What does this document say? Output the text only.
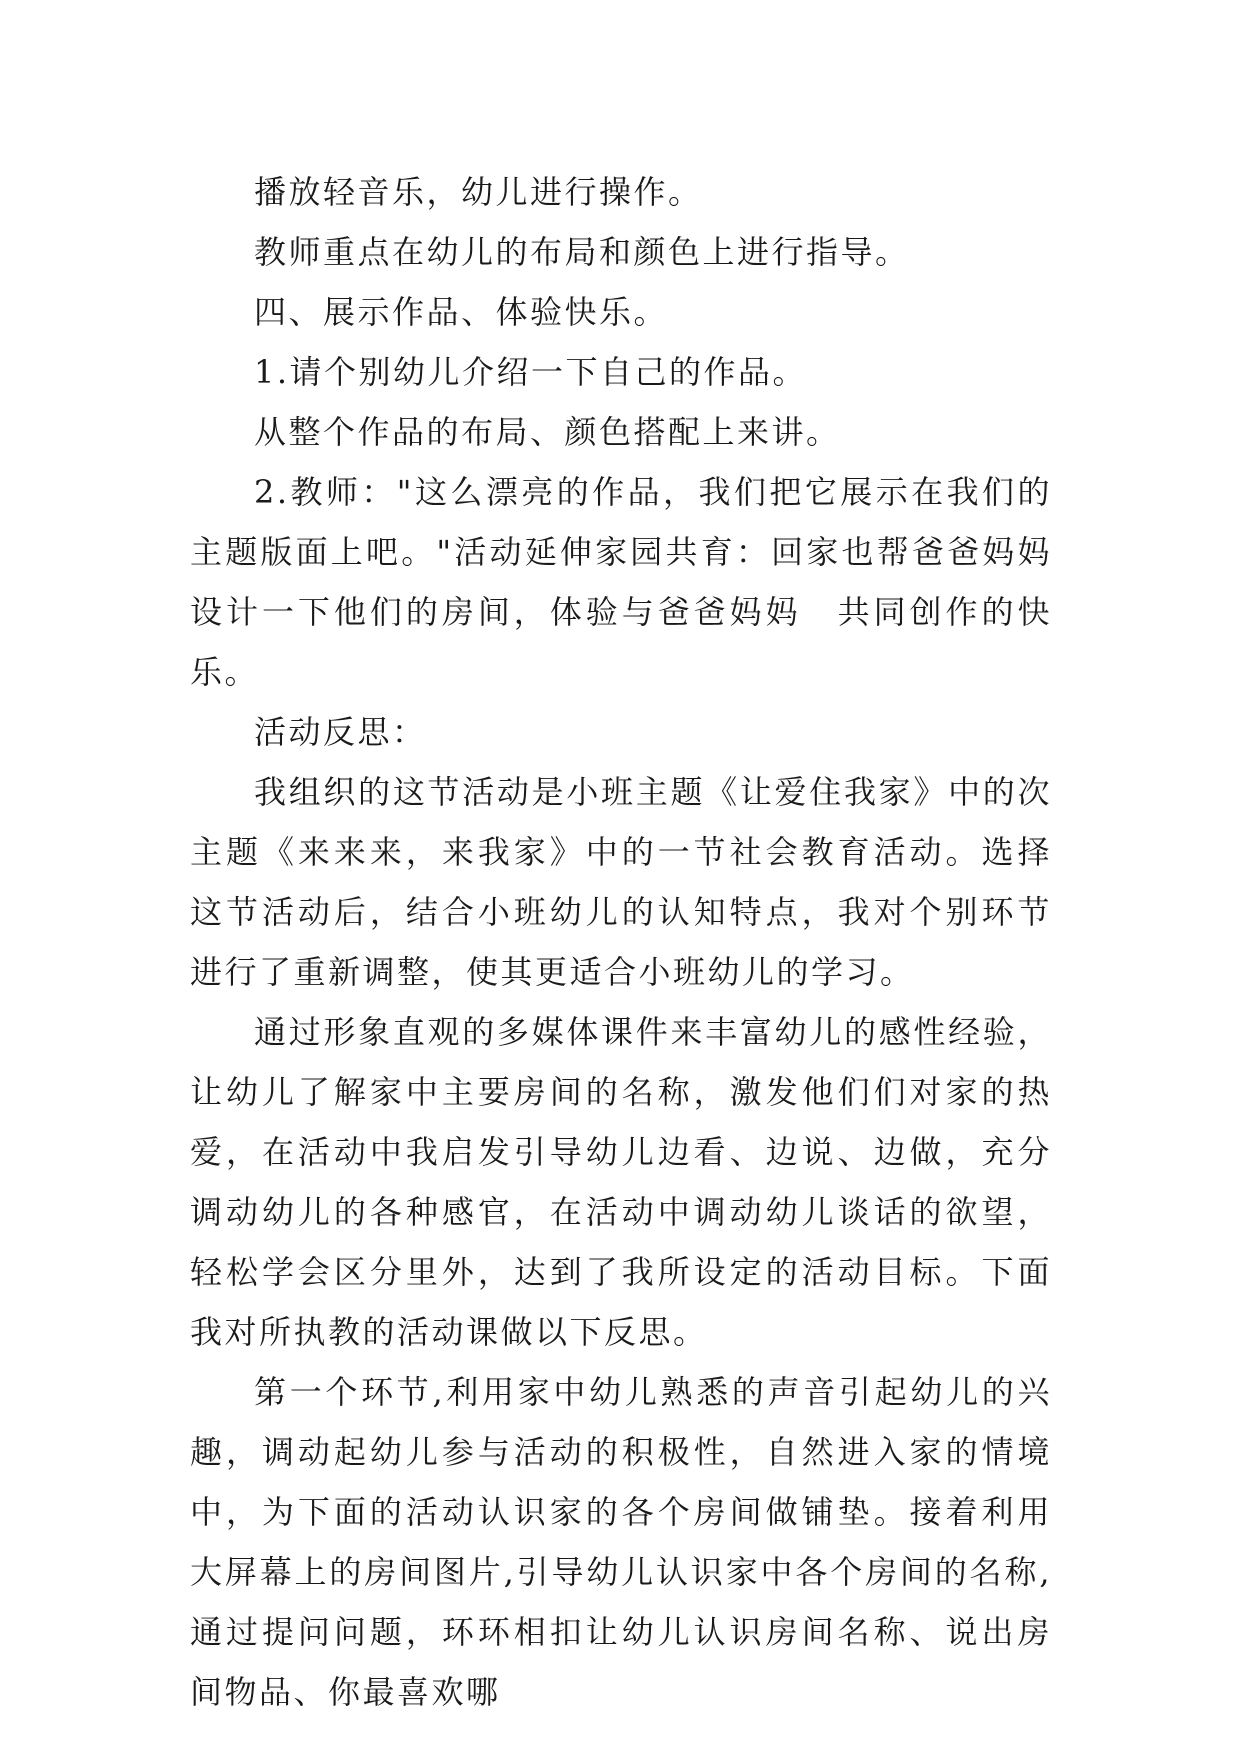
播放轻音乐，幼儿进行操作。

教师重点在幼儿的布局和颜色上进行指导。

四、展示作品、体验快乐。

1.请个别幼儿介绍一下自己的作品。

从整个作品的布局、颜色搭配上来讲。

2.教师："这么漂亮的作品，我们把它展示在我们的主题版面上吧。"活动延伸家园共育：回家也帮爸爸妈妈设计一下他们的房间，体验与爸爸妈妈　共同创作的快乐。

活动反思：

我组织的这节活动是小班主题《让爱住我家》中的次主题《来来来，来我家》中的一节社会教育活动。选择这节活动后，结合小班幼儿的认知特点，我对个别环节进行了重新调整，使其更适合小班幼儿的学习。

通过形象直观的多媒体课件来丰富幼儿的感性经验，让幼儿了解家中主要房间的名称，激发他们们对家的热爱，在活动中我启发引导幼儿边看、边说、边做，充分调动幼儿的各种感官，在活动中调动幼儿谈话的欲望，轻松学会区分里外，达到了我所设定的活动目标。下面我对所执教的活动课做以下反思。

第一个环节,利用家中幼儿熟悉的声音引起幼儿的兴趣，调动起幼儿参与活动的积极性，自然进入家的情境中，为下面的活动认识家的各个房间做铺垫。接着利用大屏幕上的房间图片,引导幼儿认识家中各个房间的名称,通过提问问题，环环相扣让幼儿认识房间名称、说出房间物品、你最喜欢哪
